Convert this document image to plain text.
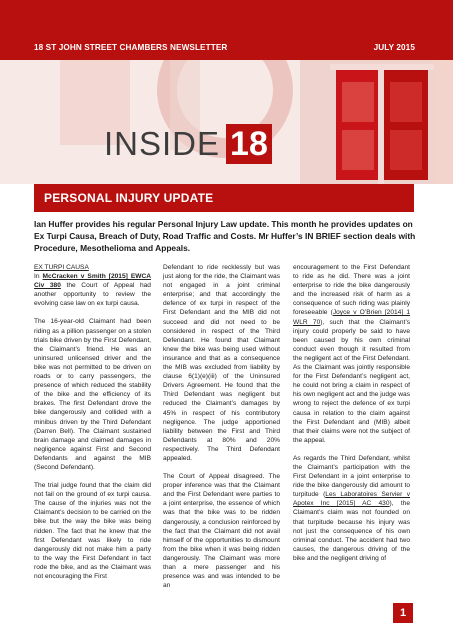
18 ST JOHN STREET CHAMBERS NEWSLETTER	JULY 2015
INSIDE 18
PERSONAL INJURY UPDATE
Ian Huffer provides his regular Personal Injury Law update. This month he provides updates on Ex Turpi Causa, Breach of Duty, Road Traffic and Costs. Mr Huffer’s IN BRIEF section deals with Procedure, Mesothelioma and Appeals.

EX TURPI CAUSA
In McCracken v Smith [2015] EWCA Civ 380 the Court of Appeal had another opportunity to review the evolving case law on ex turpi causa.

The 16-year-old Claimant had been riding as a pillion passenger on a stolen trials bike driven by the First Defendant, the Claimant’s friend. He was an uninsured unlicensed driver and the bike was not permitted to be driven on roads or to carry passengers, the presence of which reduced the stability of the bike and the efficiency of its brakes. The first Defendant drove the bike dangerously and collided with a minibus driven by the Third Defendant (Darren Bell). The Claimant sustained brain damage and claimed damages in negligence against First and Second Defendants and against the MIB (Second Defendant).

The trial judge found that the claim did not fail on the ground of ex turpi causa. The cause of the injuries was not the Claimant’s decision to be carried on the bike but the way the bike was being ridden. The fact that he knew that the first Defendant was likely to ride dangerously did not make him a party to the way the First Defendant in fact rode the bike, and as the Claimant was not encouraging the First

Defendant to ride recklessly but was just along for the ride, the Claimant was not engaged in a joint criminal enterprise; and that accordingly the defence of ex turpi in respect of the First Defendant and the MIB did not succeed and did not need to be considered in respect of the Third Defendant. He found that Claimant knew the bike was being used without insurance and that as a consequence the MIB was excluded from liability by clause 6(1)(e)(iii) of the Uninsured Drivers Agreement. He found that the Third Defendant was negligent but reduced the Claimant’s damages by 45% in respect of his contributory negligence. The judge apportioned liability between the First and Third Defendants at 80% and 20% respectively. The Third Defendant appealed.

The Court of Appeal disagreed. The proper inference was that the Claimant and the First Defendant were parties to a joint enterprise, the essence of which was that the bike was to be ridden dangerously, a conclusion reinforced by the fact that the Claimant did not avail himself of the opportunities to dismount from the bike when it was being ridden dangerously. The Claimant was more than a mere passenger and his presence was and was intended to be an

encouragement to the First Defendant to ride as he did. There was a joint enterprise to ride the bike dangerously and the increased risk of harm as a consequence of such riding was plainly foreseeable (Joyce v O’Brien [2014] 1 WLR 70), such that the Claimant’s injury could properly be said to have been caused by his own criminal conduct even though it resulted from the negligent act of the First Defendant. As the Claimant was jointly responsible for the First Defendant’s negligent act, he could not bring a claim in respect of his own negligent act and the judge was wrong to reject the defence of ex turpi causa in relation to the claim against the First Defendant and (MIB) albeit that their claims were not the subject of the appeal.

As regards the Third Defendant, whilst the Claimant’s participation with the First Defendant in a joint enterprise to ride the bike dangerously did amount to turpitude (Les Laboratoires Servier v Apotex Inc [2015] AC 430), the Claimant’s claim was not founded on that turpitude because his injury was not just the consequence of his own criminal conduct. The accident had two causes, the dangerous driving of the bike and the negligent driving of

1
